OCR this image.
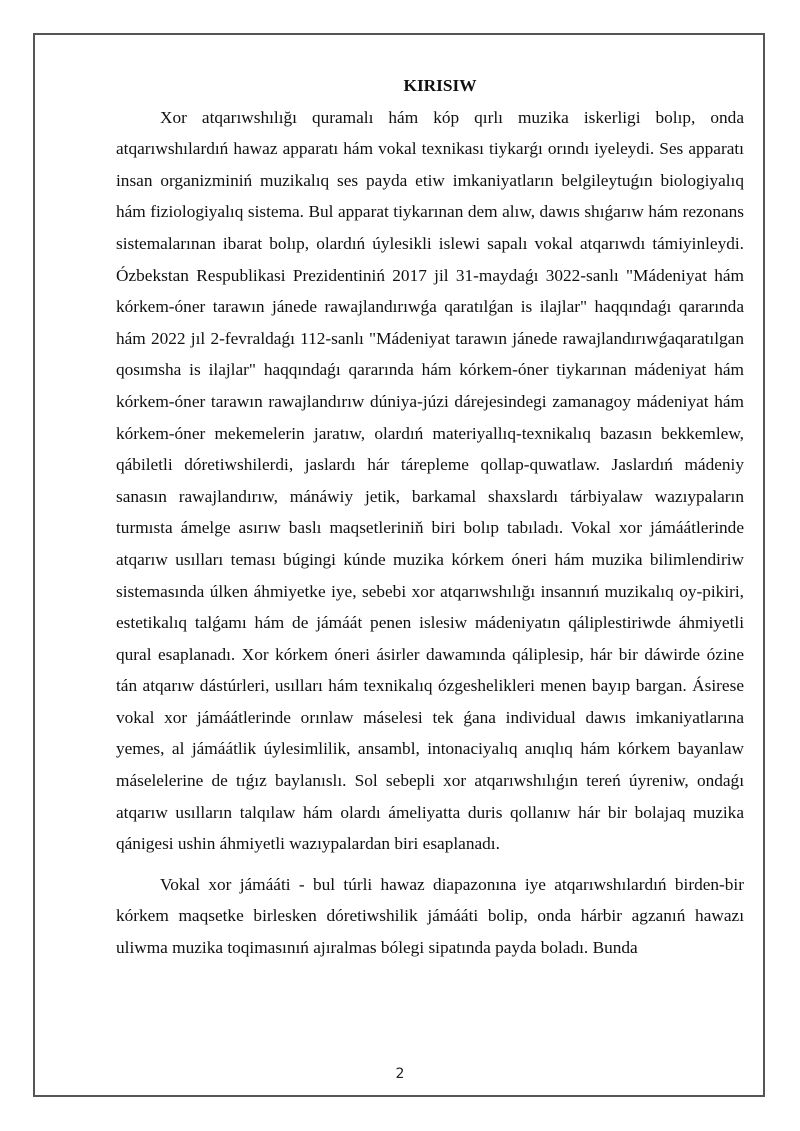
KIRISIW

Xor atqarıwshılığı quramalı hám kóp qırlı muzika iskerligi bolıp, onda atqarıwshılardıń hawaz apparatı hám vokal texnikası tiykarǵı orındı iyeleydi. Ses apparatı insan organizminiń muzikalıq ses payda etiw imkaniyatların belgileytuǵın biologiyalıq hám fiziologiyalıq sistema. Bul apparat tiykarınan dem alıw, dawıs shıǵarıw hám rezonans sistemalarınan ibarat bolıp, olardıń úylesikli islewi sapalı vokal atqarıwdı támiyinleydi. Ózbekstan Respublikasi Prezidentiniń 2017 jil 31-maydaǵı 3022-sanlı "Mádeniyat hám kórkem-óner tarawın jánede rawajlandırıwǵa qaratılǵan is ilajlar" haqqındaǵı qararında hám 2022 jıl 2-fevraldaǵı 112-sanlı "Mádeniyat tarawın jánede rawajlandırıwǵaqaratılgan qosımsha is ilajlar" haqqındaǵı qararında hám kórkem-óner tiykarınan mádeniyat hám kórkem-óner tarawın rawajlandırıw dúniya-júzi dárejesindegi zamanagoy mádeniyat hám kórkem-óner mekemelerin jaratıw, olardıń materiyallıq-texnikalıq bazasın bekkemlew, qábiletli dóretiwshilerdi, jaslardı hár tárepleme qollap-quwatlaw. Jaslardıń mádeniy sanasın rawajlandırıw, mánáwiy jetik, barkamal shaxslardı tárbiyalaw wazıypaların turmısta ámelge asırıw baslı maqsetleriniň biri bolıp tabıladı. Vokal xor jámáátlerinde atqarıw usılları teması búgingi kúnde muzika kórkem óneri hám muzika bilimlendiriw sistemasında úlken áhmiyetke iye, sebebi xor atqarıwshılığı insannıń muzikalıq oy-pikiri, estetikalıq talǵamı hám de jámáát penen islesiw mádeniyatın qáliplestiriwde áhmiyetli qural esaplanadı. Xor kórkem óneri ásirler dawamında qáliplesip, hár bir dáwirde ózine tán atqarıw dástúrleri, usılları hám texnikalıq ózgeshelikleri menen bayıp bargan. Ásirese vokal xor jámáátlerinde orınlaw máselesi tek ǵana individual dawıs imkaniyatlarına yemes, al jámáátlik úylesimlilik, ansambl, intonaciyalıq anıqlıq hám kórkem bayanlaw máselelerine de tıǵız baylanıslı. Sol sebepli xor atqarıwshılıǵın tereń úyreniw, ondaǵı atqarıw usılların talqılaw hám olardı ámeliyatta duris qollanıw hár bir bolajaq muzika qánigesi ushin áhmiyetli wazıypalardan biri esaplanadı.

Vokal xor jámááti - bul túrli hawaz diapazonına iye atqarıwshılardıń birden-bir kórkem maqsetke birlesken dóretiwshilik jámááti bolip, onda hárbir agzanıń hawazı uliwma muzika toqimasınıń ajıralmas bólegi sipatında payda boladı. Bunda

2
